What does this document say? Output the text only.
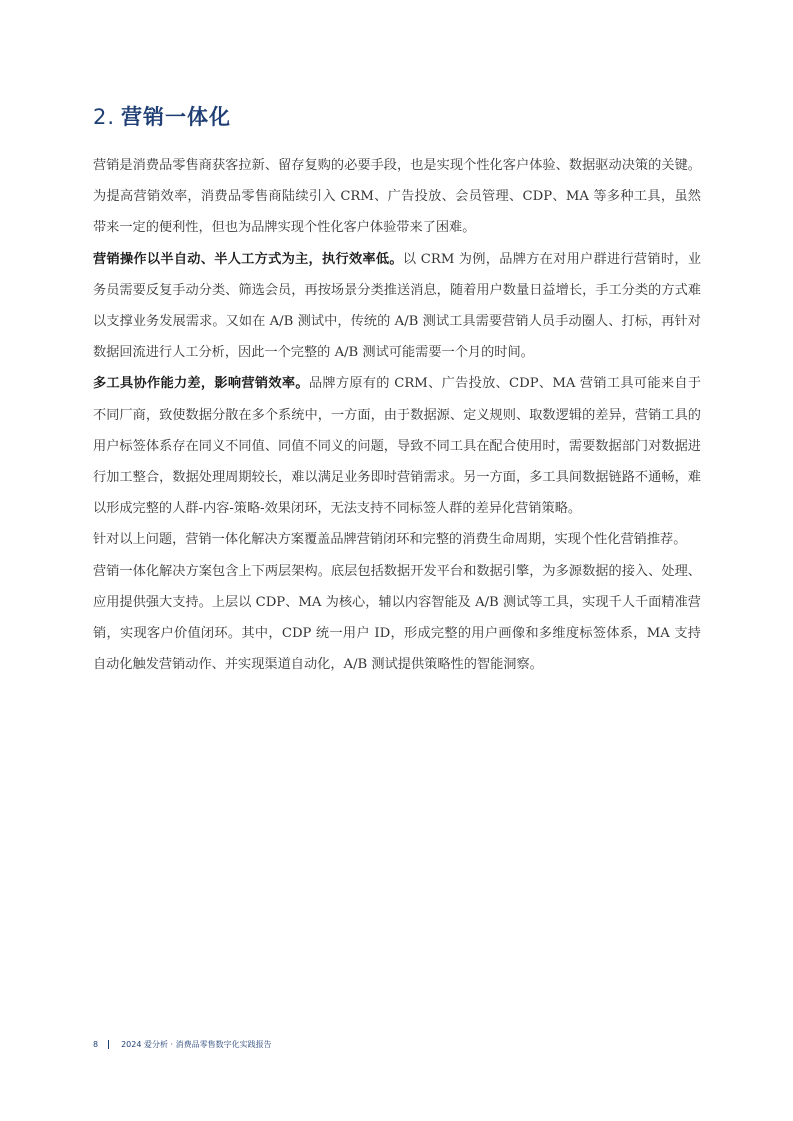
2. 营销一体化

营销是消费品零售商获客拉新、留存复购的必要手段，也是实现个性化客户体验、数据驱动决策的关键。为提高营销效率，消费品零售商陆续引入 CRM、广告投放、会员管理、CDP、MA 等多种工具，虽然带来一定的便利性，但也为品牌实现个性化客户体验带来了困难。

营销操作以半自动、半人工方式为主，执行效率低。以 CRM 为例，品牌方在对用户群进行营销时，业务员需要反复手动分类、筛选会员，再按场景分类推送消息，随着用户数量日益增长，手工分类的方式难以支撑业务发展需求。又如在 A/B 测试中，传统的 A/B 测试工具需要营销人员手动圈人、打标，再针对数据回流进行人工分析，因此一个完整的 A/B 测试可能需要一个月的时间。

多工具协作能力差，影响营销效率。品牌方原有的 CRM、广告投放、CDP、MA 营销工具可能来自于不同厂商，致使数据分散在多个系统中，一方面，由于数据源、定义规则、取数逻辑的差异，营销工具的用户标签体系存在同义不同值、同值不同义的问题，导致不同工具在配合使用时，需要数据部门对数据进行加工整合，数据处理周期较长，难以满足业务即时营销需求。另一方面，多工具间数据链路不通畅，难以形成完整的人群-内容-策略-效果闭环，无法支持不同标签人群的差异化营销策略。

针对以上问题，营销一体化解决方案覆盖品牌营销闭环和完整的消费生命周期，实现个性化营销推荐。

营销一体化解决方案包含上下两层架构。底层包括数据开发平台和数据引擎，为多源数据的接入、处理、应用提供强大支持。上层以 CDP、MA 为核心，辅以内容智能及 A/B 测试等工具，实现千人千面精准营销，实现客户价值闭环。其中，CDP 统一用户 ID，形成完整的用户画像和多维度标签体系，MA 支持自动化触发营销动作、并实现渠道自动化，A/B 测试提供策略性的智能洞察。

8	2024 爱分析 · 消费品零售数字化实践报告
